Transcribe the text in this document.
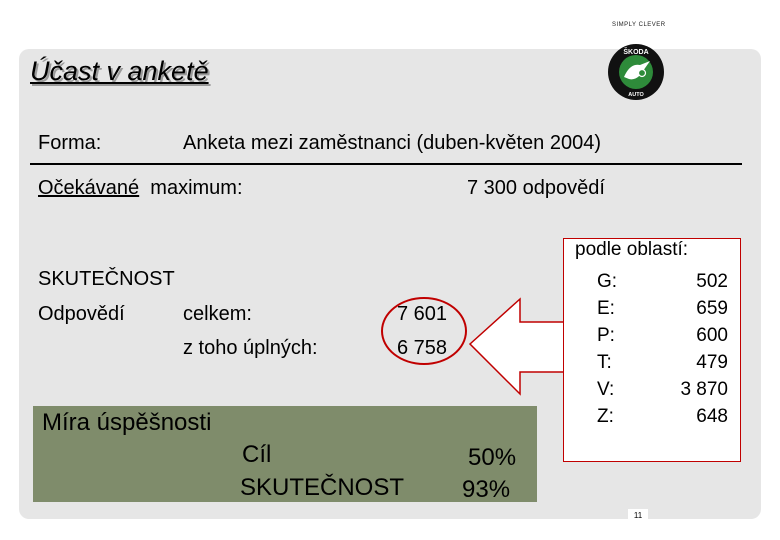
SIMPLY CLEVER
Účast v anketě
ŠKODA
AUTO
Forma:	Anketa mezi zaměstnanci (duben-květen 2004)
Očekávané maximum:	7 300 odpovědí
SKUTEČNOST
Odpovědí	celkem:	7 601
z toho úplných:	6 758
podle oblastí:
G:	502
E:	659
P:	600
T:	479
V:	3 870
Z:	648
Míra úspěšnosti
Cíl	50%
SKUTEČNOST 93%
11
